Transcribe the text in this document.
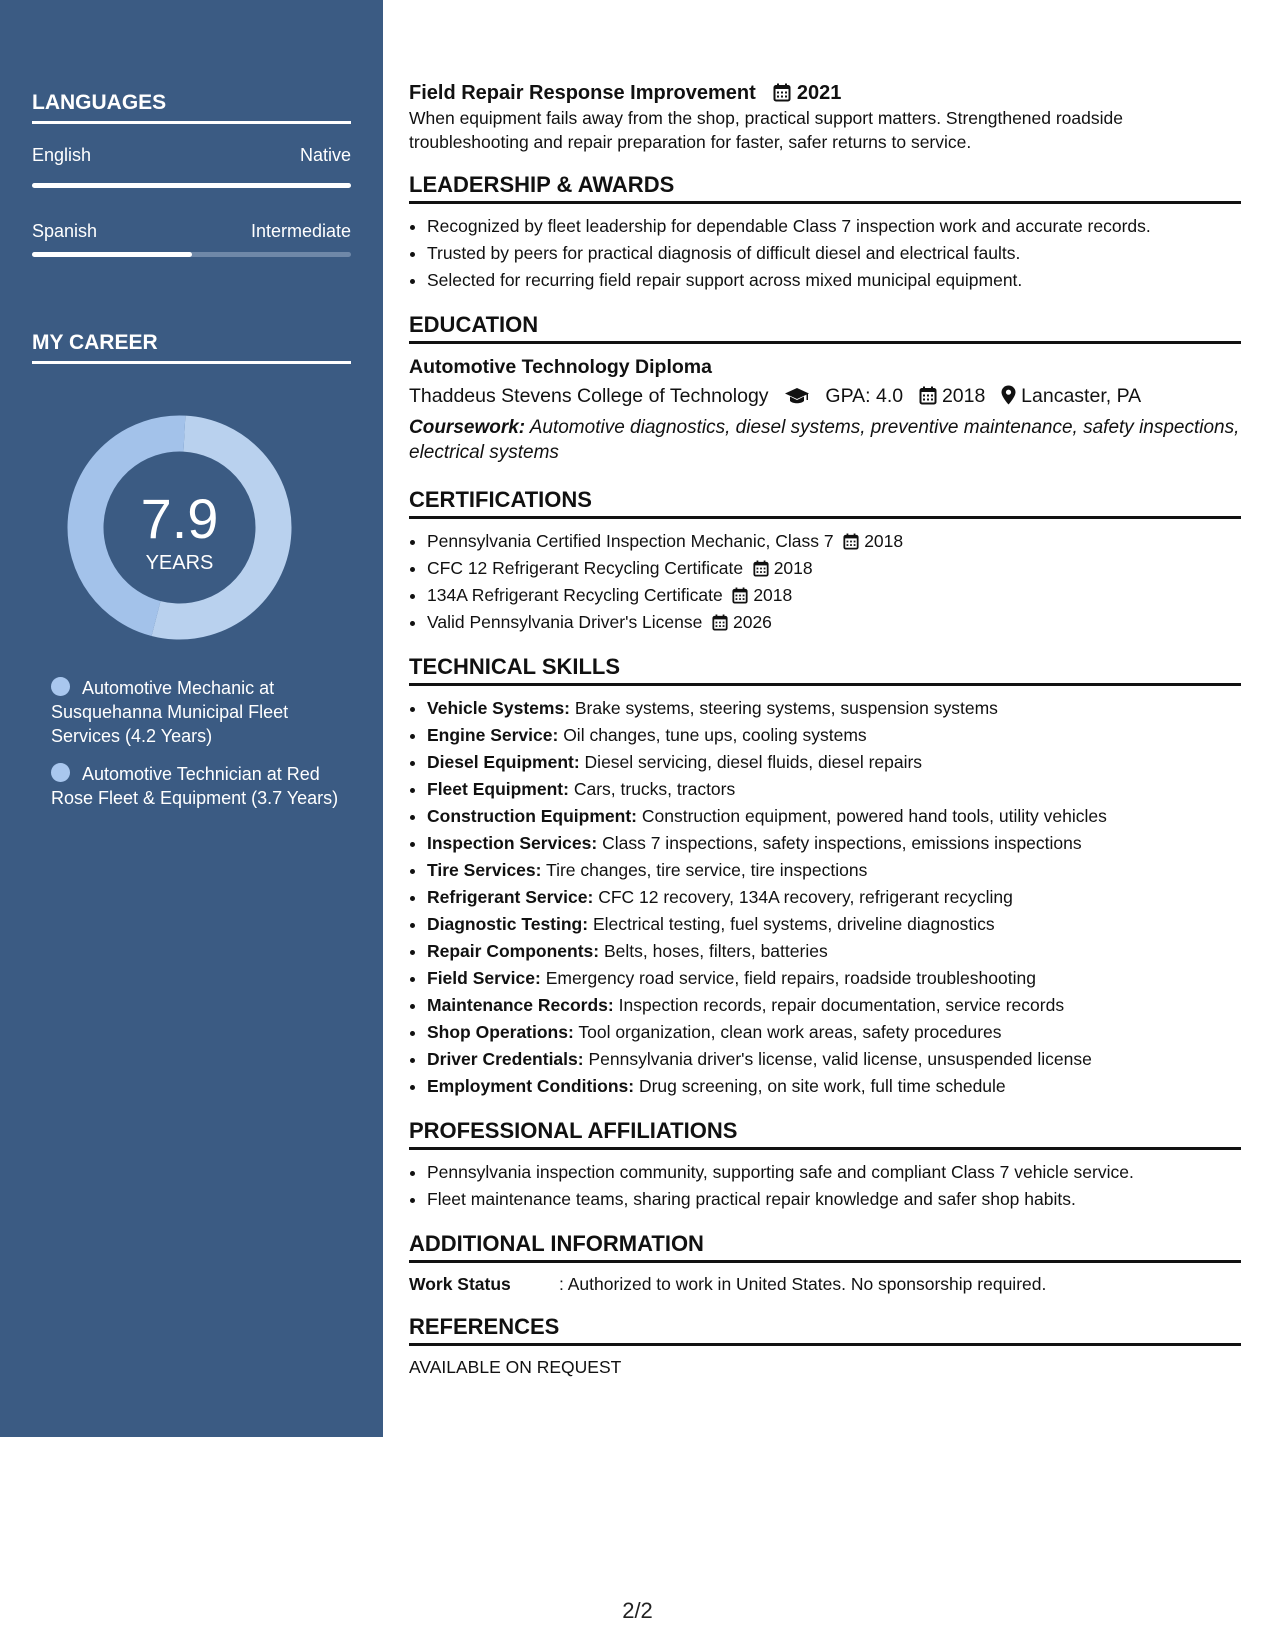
LANGUAGES
English	Native
Spanish	Intermediate
MY CAREER
7.9
YEARS
Automotive Mechanic at Susquehanna Municipal Fleet Services (4.2 Years)
Automotive Technician at Red Rose Fleet & Equipment (3.7 Years)
Field Repair Response Improvement 2021

When equipment fails away from the shop, practical support matters. Strengthened roadside troubleshooting and repair preparation for faster, safer returns to service.

LEADERSHIP & AWARDS
• Recognized by fleet leadership for dependable Class 7 inspection work and accurate records.
• Trusted by peers for practical diagnosis of difficult diesel and electrical faults.
• Selected for recurring field repair support across mixed municipal equipment.
EDUCATION
Automotive Technology Diploma
Thaddeus Stevens College of Technology	GPA: 4.0 2018 Lancaster, PA
Coursework: Automotive diagnostics, diesel systems, preventive maintenance, safety inspections, electrical systems
CERTIFICATIONS
• Pennsylvania Certified Inspection Mechanic, Class 7 2018
• CFC 12 Refrigerant Recycling Certificate 2018
• 134A Refrigerant Recycling Certificate 2018
• Valid Pennsylvania Driver's License 2026
TECHNICAL SKILLS
• Vehicle Systems: Brake systems, steering systems, suspension systems
• Engine Service: Oil changes, tune ups, cooling systems
• Diesel Equipment: Diesel servicing, diesel fluids, diesel repairs
• Fleet Equipment: Cars, trucks, tractors
• Construction Equipment: Construction equipment, powered hand tools, utility vehicles
• Inspection Services: Class 7 inspections, safety inspections, emissions inspections
• Tire Services: Tire changes, tire service, tire inspections
• Refrigerant Service: CFC 12 recovery, 134A recovery, refrigerant recycling
• Diagnostic Testing: Electrical testing, fuel systems, driveline diagnostics
• Repair Components: Belts, hoses, filters, batteries
• Field Service: Emergency road service, field repairs, roadside troubleshooting
• Maintenance Records: Inspection records, repair documentation, service records
• Shop Operations: Tool organization, clean work areas, safety procedures
• Driver Credentials: Pennsylvania driver's license, valid license, unsuspended license
• Employment Conditions: Drug screening, on site work, full time schedule
PROFESSIONAL AFFILIATIONS
• Pennsylvania inspection community, supporting safe and compliant Class 7 vehicle service.
• Fleet maintenance teams, sharing practical repair knowledge and safer shop habits.
ADDITIONAL INFORMATION
Work Status	: Authorized to work in United States. No sponsorship required.
REFERENCES
AVAILABLE ON REQUEST
2/2
